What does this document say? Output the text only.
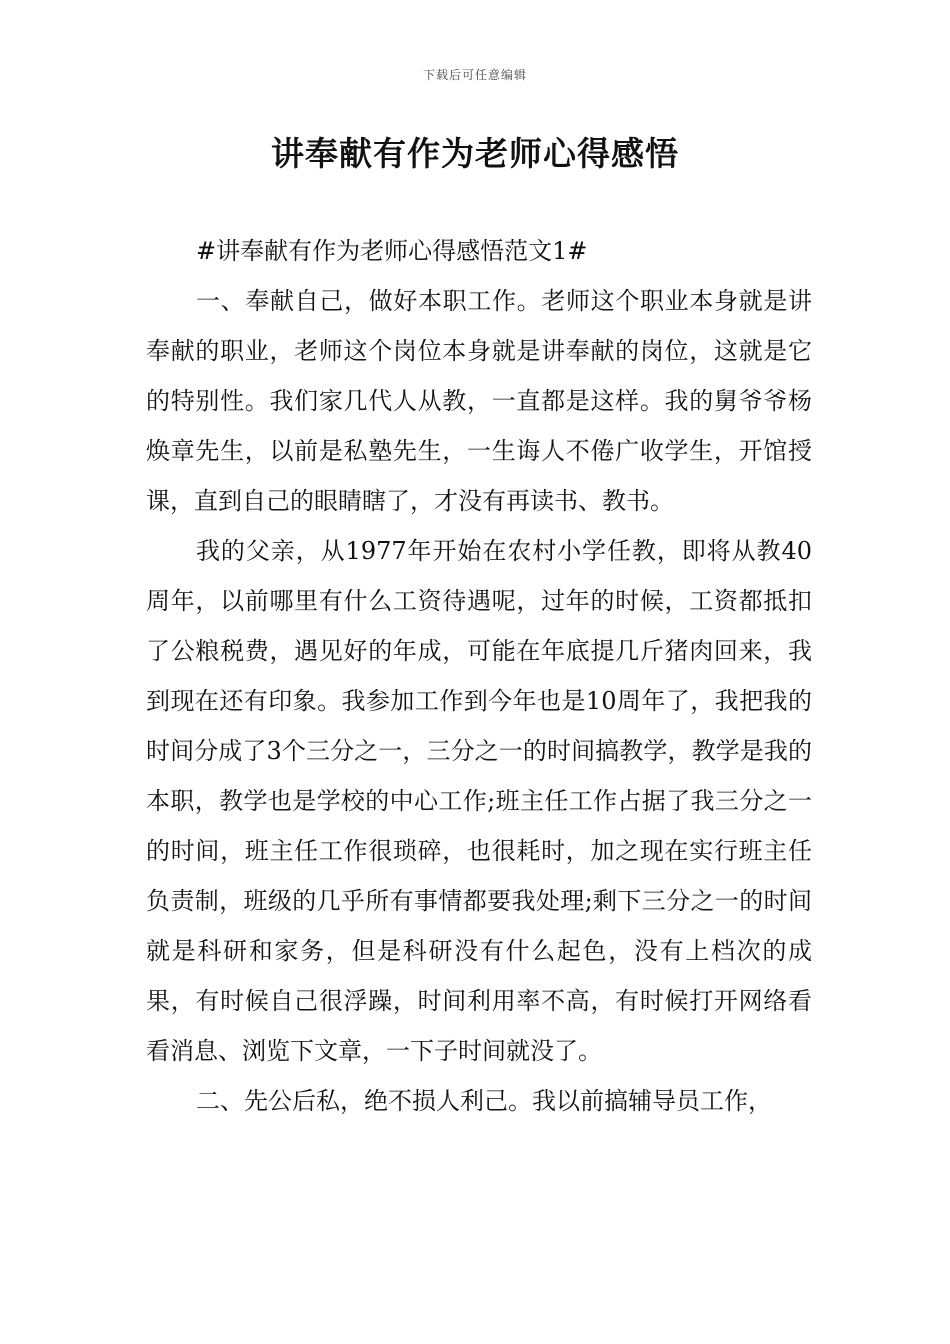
下载后可任意编辑
讲奉献有作为老师心得感悟

#讲奉献有作为老师心得感悟范文1#

一、奉献自己，做好本职工作。老师这个职业本身就是讲奉献的职业，老师这个岗位本身就是讲奉献的岗位，这就是它的特别性。我们家几代人从教，一直都是这样。我的舅爷爷杨焕章先生，以前是私塾先生，一生诲人不倦广收学生，开馆授课，直到自己的眼睛瞎了，才没有再读书、教书。

我的父亲，从1977年开始在农村小学任教，即将从教40周年，以前哪里有什么工资待遇呢，过年的时候，工资都抵扣了公粮税费，遇见好的年成，可能在年底提几斤猪肉回来，我到现在还有印象。我参加工作到今年也是10周年了，我把我的时间分成了3个三分之一，三分之一的时间搞教学，教学是我的本职，教学也是学校的中心工作;班主任工作占据了我三分之一的时间，班主任工作很琐碎，也很耗时，加之现在实行班主任负责制，班级的几乎所有事情都要我处理;剩下三分之一的时间就是科研和家务，但是科研没有什么起色，没有上档次的成果，有时候自己很浮躁，时间利用率不高，有时候打开网络看看消息、浏览下文章，一下子时间就没了。

二、先公后私，绝不损人利己。我以前搞辅导员工作，
